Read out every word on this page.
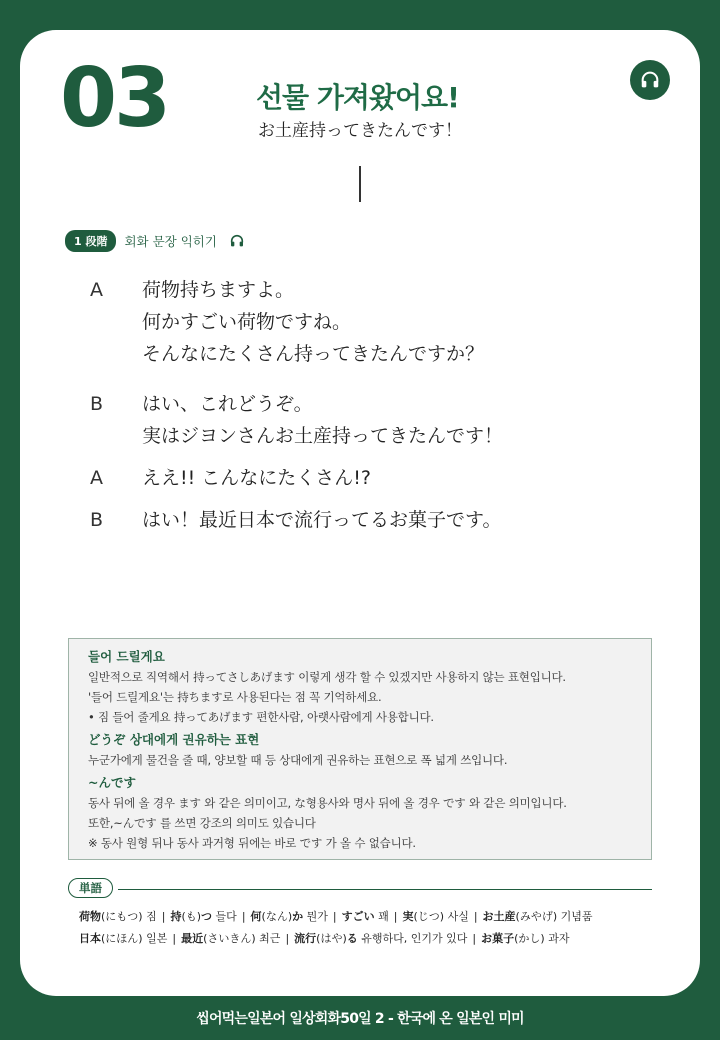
03	선물 가져왔어요!
お土産持ってきたんです！
1 段階	회화 문장 익히기
A	荷物持ちますよ。
何かすごい荷物ですね。
そんなにたくさん持ってきたんですか？
B	はい、これどうぞ。
実はジヨンさんお土産持ってきたんです！
A	ええ!! こんなにたくさん!?
B	はい！最近日本で流行ってるお菓子です。
들어 드릴게요
일반적으로 직역해서 持ってさしあげます 이렇게 생각 할 수 있겠지만 사용하지 않는 표현입니다.
'들어 드릴게요'는 持ちます로 사용된다는 점 꼭 기억하세요.
• 짐 들어 줄게요 持ってあげます 편한사람, 아랫사람에게 사용합니다.
どうぞ 상대에게 권유하는 표현
누군가에게 물건을 줄 때, 양보할 때 등 상대에게 권유하는 표현으로 폭 넓게 쓰입니다.
~んです
동사 뒤에 올 경우 ます 와 같은 의미이고, な형용사와 명사 뒤에 올 경우 です 와 같은 의미입니다.
또한,~んです 를 쓰면 강조의 의미도 있습니다
※ 동사 원형 뒤나 동사 과거형 뒤에는 바로 です 가 올 수 없습니다.
単語
荷物(にもつ) 짐 | 持(も)つ 들다 | 何(なん)か 뭔가 | すごい 꽤 | 実(じつ) 사실 | お土産(みやげ) 기념품
日本(にほん) 일본 | 最近(さいきん) 최근 | 流行(はや)る 유행하다, 인기가 있다 | お菓子(かし) 과자
씹어먹는일본어 일상회화50일 2 - 한국에 온 일본인 미미
